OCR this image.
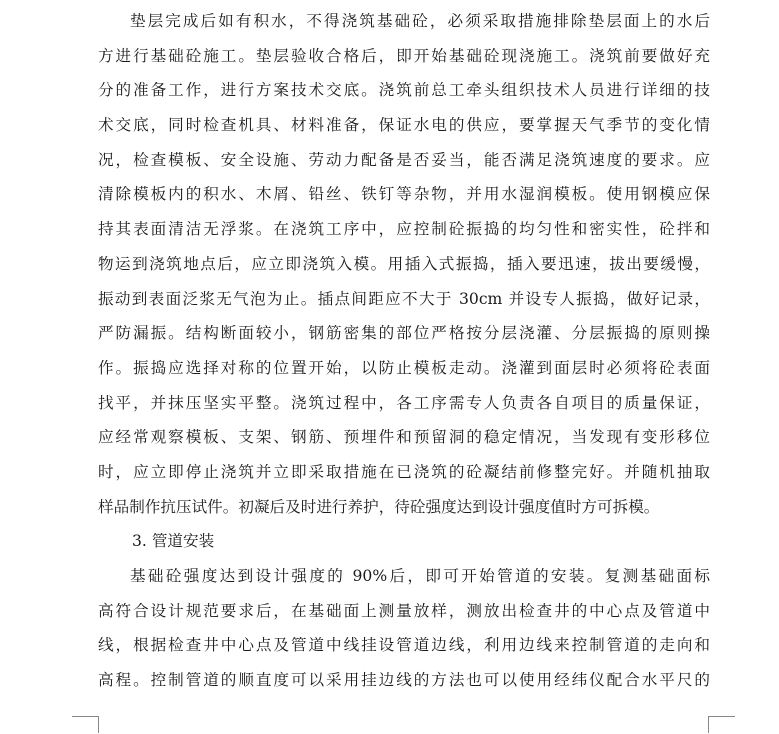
垫层完成后如有积水，不得浇筑基础砼，必须采取措施排除垫层面上的水后
方进行基础砼施工。垫层验收合格后，即开始基础砼现浇施工。浇筑前要做好充
分的准备工作，进行方案技术交底。浇筑前总工牵头组织技术人员进行详细的技
术交底，同时检查机具、材料准备，保证水电的供应，要掌握天气季节的变化情
况，检查模板、安全设施、劳动力配备是否妥当，能否满足浇筑速度的要求。应
清除模板内的积水、木屑、铅丝、铁钉等杂物，并用水湿润模板。使用钢模应保
持其表面清洁无浮浆。在浇筑工序中，应控制砼振捣的均匀性和密实性，砼拌和
物运到浇筑地点后，应立即浇筑入模。用插入式振捣，插入要迅速，拔出要缓慢，
振动到表面泛浆无气泡为止。插点间距应不大于 30cm 并设专人振捣，做好记录，
严防漏振。结构断面较小，钢筋密集的部位严格按分层浇灌、分层振捣的原则操
作。振捣应选择对称的位置开始，以防止模板走动。浇灌到面层时必须将砼表面
找平，并抹压坚实平整。浇筑过程中，各工序需专人负责各自项目的质量保证，
应经常观察模板、支架、钢筋、预埋件和预留洞的稳定情况，当发现有变形移位
时，应立即停止浇筑并立即采取措施在已浇筑的砼凝结前修整完好。并随机抽取
样品制作抗压试件。初凝后及时进行养护，待砼强度达到设计强度值时方可拆模。
3. 管道安装
基础砼强度达到设计强度的 90%后，即可开始管道的安装。复测基础面标
高符合设计规范要求后，在基础面上测量放样，测放出检查井的中心点及管道中
线，根据检查井中心点及管道中线挂设管道边线，利用边线来控制管道的走向和
高程。控制管道的顺直度可以采用挂边线的方法也可以使用经纬仪配合水平尺的
